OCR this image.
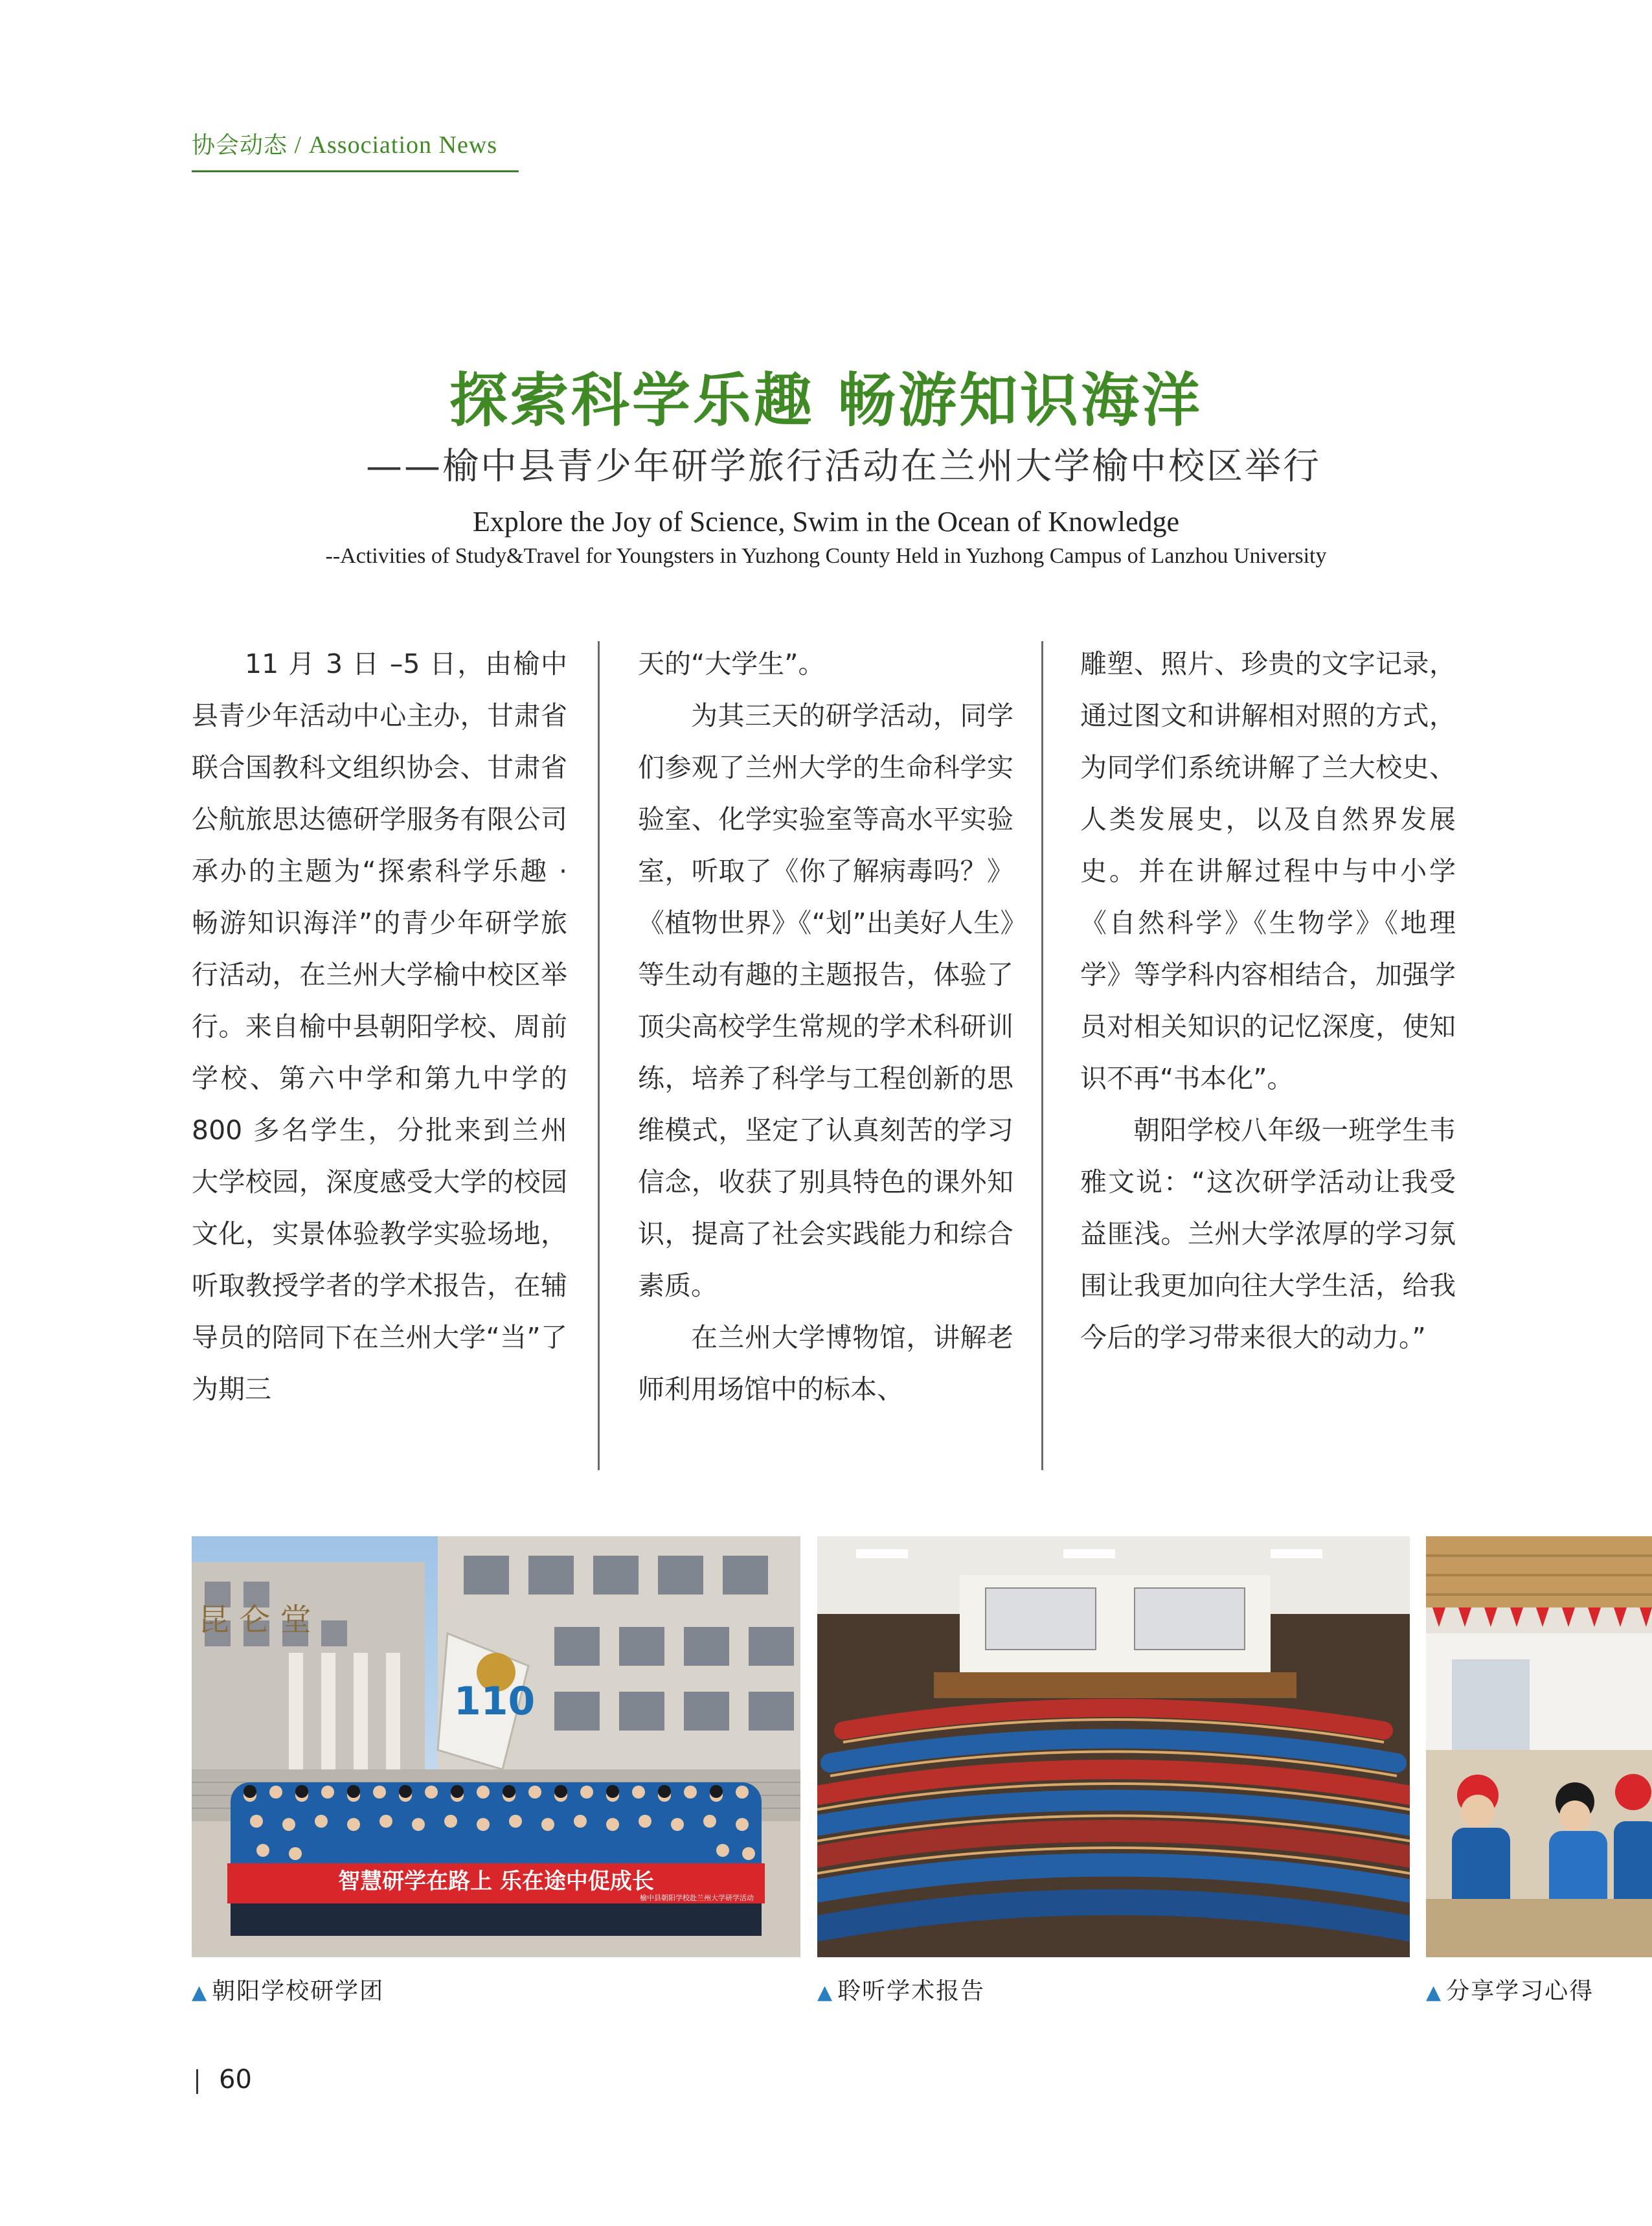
协会动态 / Association News
探索科学乐趣 畅游知识海洋
——榆中县青少年研学旅行活动在兰州大学榆中校区举行
Explore the Joy of Science, Swim in the Ocean of Knowledge
--Activities of Study&Travel for Youngsters in Yuzhong County Held in Yuzhong Campus of Lanzhou University

11 月 3 日 –5 日，由榆中县青少年活动中心主办，甘肃省联合国教科文组织协会、甘肃省公航旅思达德研学服务有限公司承办的主题为“探索科学乐趣 · 畅游知识海洋”的青少年研学旅行活动，在兰州大学榆中校区举行。来自榆中县朝阳学校、周前学校、第六中学和第九中学的 800 多名学生，分批来到兰州大学校园，深度感受大学的校园文化，实景体验教学实验场地，听取教授学者的学术报告，在辅导员的陪同下在兰州大学“当”了为期三

天的“大学生”。

为其三天的研学活动，同学们参观了兰州大学的生命科学实验室、化学实验室等高水平实验室，听取了《你了解病毒吗？》《植物世界》《“划”出美好人生》等生动有趣的主题报告，体验了顶尖高校学生常规的学术科研训练，培养了科学与工程创新的思维模式，坚定了认真刻苦的学习信念，收获了别具特色的课外知识，提高了社会实践能力和综合素质。

在兰州大学博物馆，讲解老师利用场馆中的标本、

雕塑、照片、珍贵的文字记录，通过图文和讲解相对照的方式，为同学们系统讲解了兰大校史、人类发展史，以及自然界发展史。并在讲解过程中与中小学《自然科学》《生物学》《地理学》等学科内容相结合，加强学员对相关知识的记忆深度，使知识不再“书本化”。

朝阳学校八年级一班学生韦雅文说：“这次研学活动让我受益匪浅。兰州大学浓厚的学习氛围让我更加向往大学生活，给我今后的学习带来很大的动力。”

昆 仑 堂
110
智慧研学在路上 乐在途中促成长
榆中县朝阳学校赴兰州大学研学活动
▲ 朝阳学校研学团	▲ 聆听学术报告	▲ 分享学习心得
60
